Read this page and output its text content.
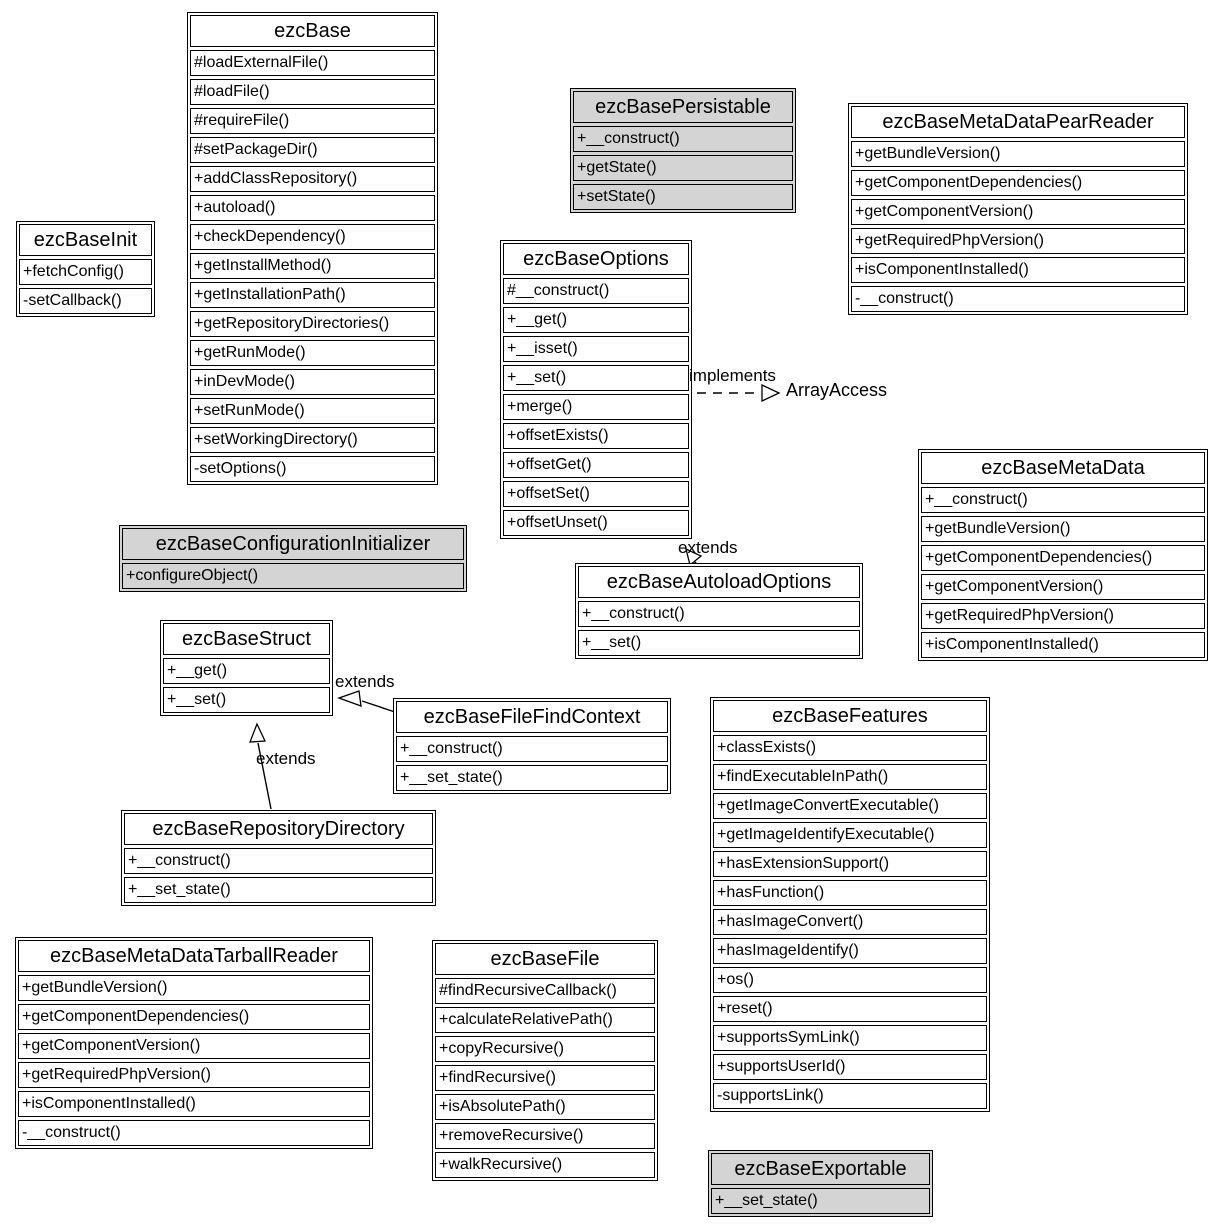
implements
ArrayAccess
extends
extends
extends
ezcBase
#loadExternalFile()
#loadFile()
#requireFile()
#setPackageDir()
+addClassRepository()
+autoload()
+checkDependency()
+getInstallMethod()
+getInstallationPath()
+getRepositoryDirectories()
+getRunMode()
+inDevMode()
+setRunMode()
+setWorkingDirectory()
-setOptions()
ezcBaseInit
+fetchConfig()
-setCallback()
ezcBasePersistable
+__construct()
+getState()
+setState()
ezcBaseMetaDataPearReader
+getBundleVersion()
+getComponentDependencies()
+getComponentVersion()
+getRequiredPhpVersion()
+isComponentInstalled()
-__construct()
ezcBaseOptions
#__construct()
+__get()
+__isset()
+__set()
+merge()
+offsetExists()
+offsetGet()
+offsetSet()
+offsetUnset()
ezcBaseMetaData
+__construct()
+getBundleVersion()
+getComponentDependencies()
+getComponentVersion()
+getRequiredPhpVersion()
+isComponentInstalled()
ezcBaseConfigurationInitializer
+configureObject()	ezcBaseAutoloadOptions
+__construct()
+__set()
ezcBaseStruct
+__get()
+__set()
ezcBaseFileFindContext
+__construct()
+__set_state()
ezcBaseFeatures
+classExists()
+findExecutableInPath()
+getImageConvertExecutable()
+getImageIdentifyExecutable()
+hasExtensionSupport()
+hasFunction()
+hasImageConvert()
+hasImageIdentify()
+os()
+reset()
+supportsSymLink()
+supportsUserId()
-supportsLink()
ezcBaseRepositoryDirectory
+__construct()
+__set_state()
ezcBaseMetaDataTarballReader
+getBundleVersion()
+getComponentDependencies()
+getComponentVersion()
+getRequiredPhpVersion()
+isComponentInstalled()
-__construct()
ezcBaseFile
#findRecursiveCallback()
+calculateRelativePath()
+copyRecursive()
+findRecursive()
+isAbsolutePath()
+removeRecursive()
+walkRecursive()	ezcBaseExportable
+__set_state()
